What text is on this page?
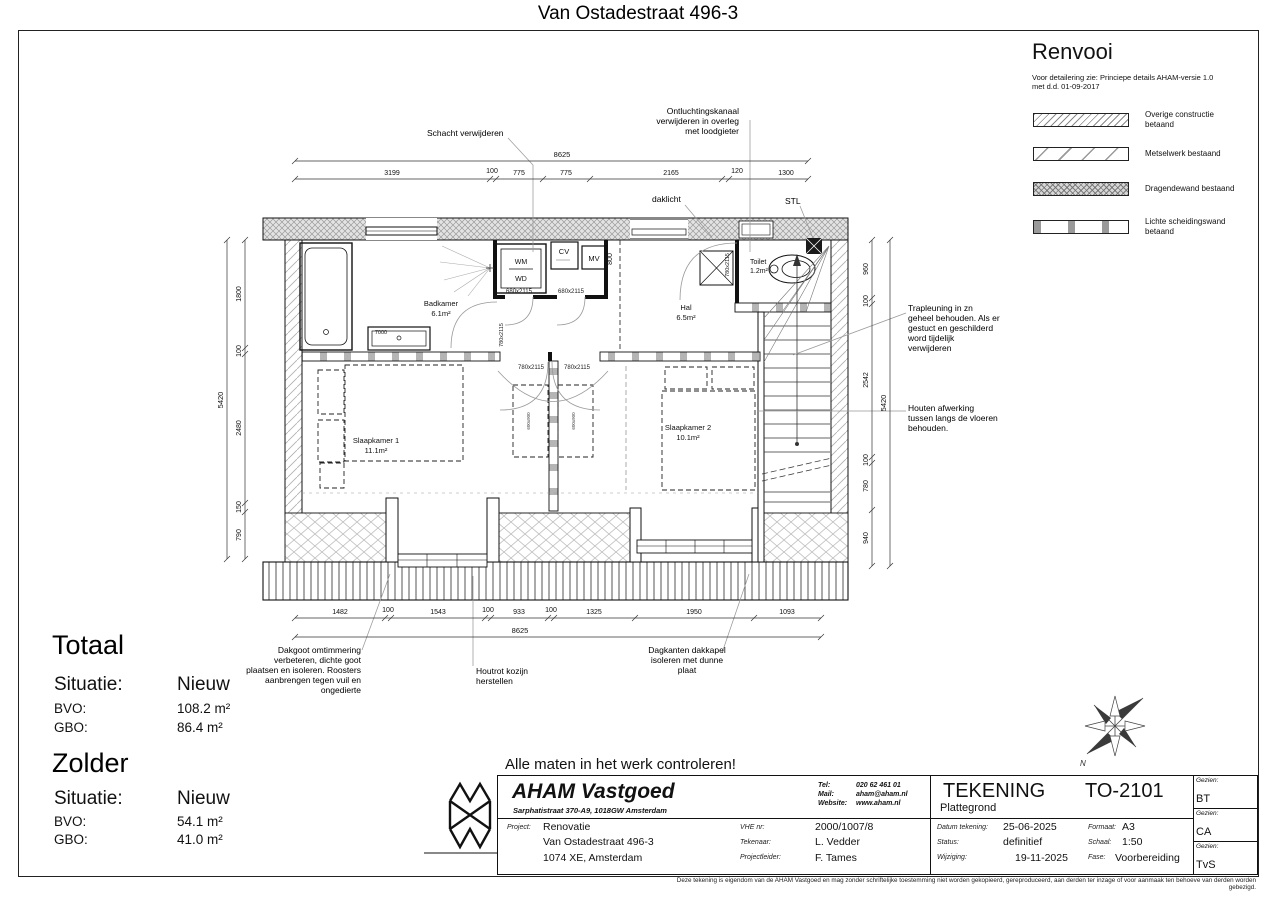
Van Ostadestraat 496-3
8625
3199	100 775	775	2165	120	1300
1482	100	1543	100	933	100	1325	1950	1093
8625
1800
100
2480
150
790
5420
960
100
2542
100
780
940
5420
800
Badkamer
6.1m²
Hal
6.5m²
Toilet
1.2m²
Slaapkamer 1
11.1m²
Slaapkamer 2
10.1m²
WM
WD
CV
MV
7000
600x900	600x900
680x2115	680x2115
780x2115	780x2115
780x2115
780x2115
N
Renvooi
Voor detailering zie: Princiepe details AHAM-versie 1.0
met d.d. 01-09-2017
Overige constructie betaand
Metselwerk bestaand
Dragendewand bestaand
Lichte scheidingswand betaand
Schacht verwijderen
Ontluchtingskanaal verwijderen in overleg met loodgieter
daklicht	STL
Trapleuning in zn geheel behouden. Als er gestuct en geschilderd word tijdelijk verwijderen
Houten afwerking tussen langs de vloeren behouden.
Dakgoot omtimmering verbeteren, dichte goot plaatsen en isoleren. Roosters aanbrengen tegen vuil en ongedierte
Houtrot kozijn herstellen
Dagkanten dakkapel isoleren met dunne plaat
Totaal
Situatie:	Nieuw
BVO:	108.2 m²
GBO:	86.4 m²
Zolder
Situatie:	Nieuw
BVO:	54.1 m²
GBO:	41.0 m²
Alle maten in het werk controleren!
AHAM Vastgoed
Sarphatistraat 370-A9, 1018GW Amsterdam
Tel:	020 62 461 01
Mail:	aham@aham.nl
Website: www.aham.nl
Project: Renovatie
Van Ostadestraat 496-3
1074 XE, Amsterdam
VHE nr:	2000/1007/8
Tekenaar:	L. Vedder
Projectleider:	F. Tames
TEKENING TO-2101
Plattegrond
Datum tekening: 25-06-2025	Formaat: A3
Status:	definitief	Schaal: 1:50
Wijziging:	19-11-2025	Fase: Voorbereiding
Gezien:
BT
Gezien:
CA
Gezien:
TvS
Deze tekening is eigendom van de AHAM Vastgoed en mag zonder schriftelijke toestemming niet worden gekopieerd, gereproduceerd, aan derden ter inzage of voor aanmaak ten behoeve van derden worden gebezigd.
